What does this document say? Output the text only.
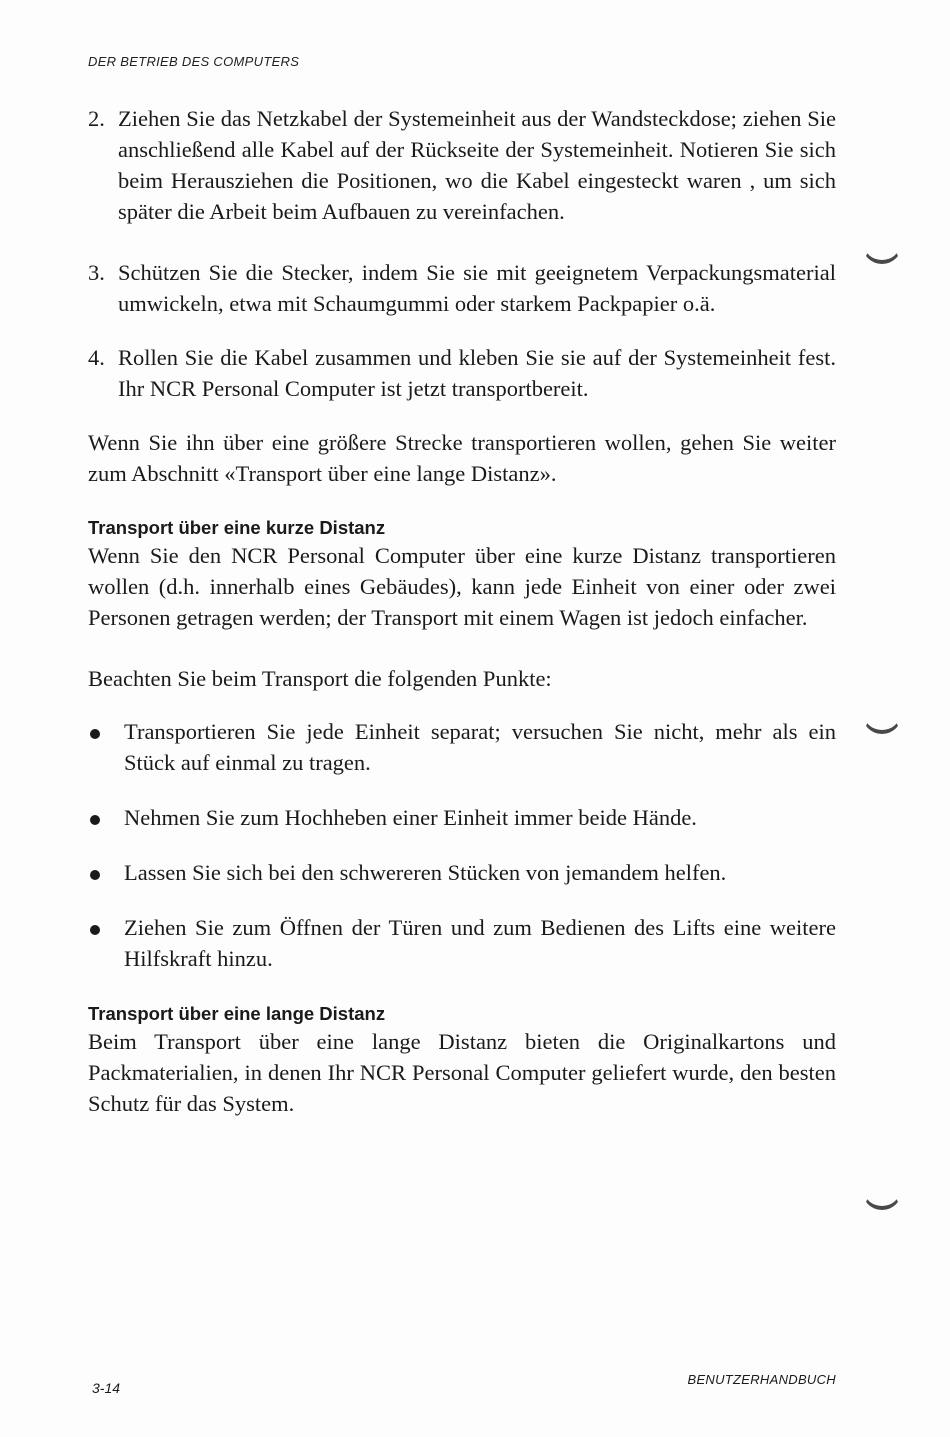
DER BETRIEB DES COMPUTERS
2. Ziehen Sie das Netzkabel der Systemeinheit aus der Wandsteckdose; ziehen Sie anschließend alle Kabel auf der Rückseite der Systemeinheit. Notieren Sie sich beim Herausziehen die Positionen, wo die Kabel eingesteckt waren , um sich später die Arbeit beim Aufbauen zu vereinfachen.
3. Schützen Sie die Stecker, indem Sie sie mit geeignetem Verpackungsmaterial umwickeln, etwa mit Schaumgummi oder starkem Packpapier o.ä.
4. Rollen Sie die Kabel zusammen und kleben Sie sie auf der Systemeinheit fest. Ihr NCR Personal Computer ist jetzt transportbereit.

Wenn Sie ihn über eine größere Strecke transportieren wollen, gehen Sie weiter zum Abschnitt «Transport über eine lange Distanz».

Transport über eine kurze Distanz

Wenn Sie den NCR Personal Computer über eine kurze Distanz transportieren wollen (d.h. innerhalb eines Gebäudes), kann jede Einheit von einer oder zwei Personen getragen werden; der Transport mit einem Wagen ist jedoch einfacher.

Beachten Sie beim Transport die folgenden Punkte:

Transportieren Sie jede Einheit separat; versuchen Sie nicht, mehr als ein Stück auf einmal zu tragen.
Nehmen Sie zum Hochheben einer Einheit immer beide Hände.
Lassen Sie sich bei den schwereren Stücken von jemandem helfen.
Ziehen Sie zum Öffnen der Türen und zum Bedienen des Lifts eine weitere Hilfskraft hinzu.
Transport über eine lange Distanz

Beim Transport über eine lange Distanz bieten die Originalkartons und Packmaterialien, in denen Ihr NCR Personal Computer geliefert wurde, den besten Schutz für das System.

3-14
BENUTZERHANDBUCH
